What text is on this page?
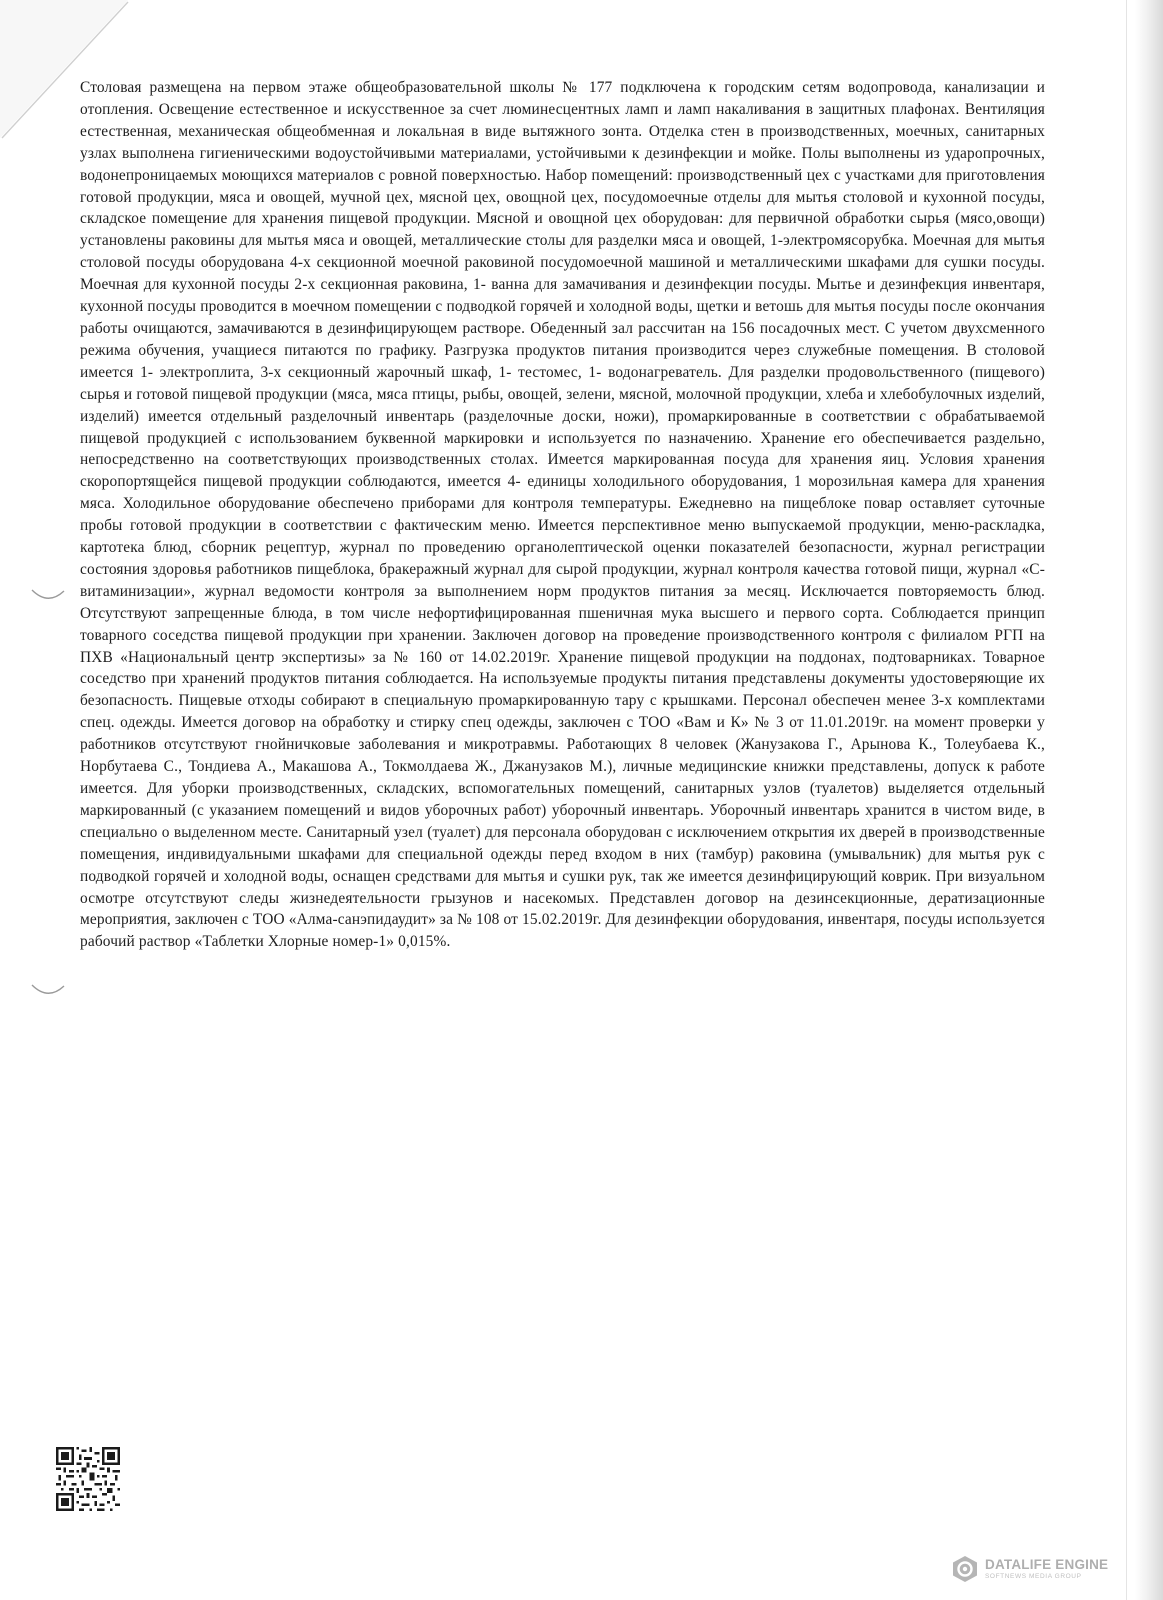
Столовая размещена на первом этаже общеобразовательной школы № 177 подключена к городским сетям водопровода, канализации и отопления. Освещение естественное и искусственное за счет люминесцентных ламп и ламп накаливания в защитных плафонах. Вентиляция естественная, механическая общеобменная и локальная в виде вытяжного зонта. Отделка стен в производственных, моечных, санитарных узлах выполнена гигиеническими водоустойчивыми материалами, устойчивыми к дезинфекции и мойке. Полы выполнены из ударопрочных, водонепроницаемых моющихся материалов с ровной поверхностью. Набор помещений: производственный цех с участками для приготовления готовой продукции, мяса и овощей, мучной цех, мясной цех, овощной цех, посудомоечные отделы для мытья столовой и кухонной посуды, складское помещение для хранения пищевой продукции. Мясной и овощной цех оборудован: для первичной обработки сырья (мясо,овощи) установлены раковины для мытья мяса и овощей, металлические столы для разделки мяса и овощей, 1-электромясорубка. Моечная для мытья столовой посуды оборудована 4-х секционной моечной раковиной посудомоечной машиной и металлическими шкафами для сушки посуды. Моечная для кухонной посуды 2-х секционная раковина, 1- ванна для замачивания и дезинфекции посуды. Мытье и дезинфекция инвентаря, кухонной посуды проводится в моечном помещении с подводкой горячей и холодной воды, щетки и ветошь для мытья посуды после окончания работы очищаются, замачиваются в дезинфицирующем растворе. Обеденный зал рассчитан на 156 посадочных мест. С учетом двухсменного режима обучения, учащиеся питаются по графику. Разгрузка продуктов питания производится через служебные помещения. В столовой имеется 1- электроплита, 3-х секционный жарочный шкаф, 1- тестомес, 1- водонагреватель. Для разделки продовольственного (пищевого) сырья и готовой пищевой продукции (мяса, мяса птицы, рыбы, овощей, зелени, мясной, молочной продукции, хлеба и хлебобулочных изделий, изделий) имеется отдельный разделочный инвентарь (разделочные доски, ножи), промаркированные в соответствии с обрабатываемой пищевой продукцией с использованием буквенной маркировки и используется по назначению. Хранение его обеспечивается раздельно, непосредственно на соответствующих производственных столах. Имеется маркированная посуда для хранения яиц. Условия хранения скоропортящейся пищевой продукции соблюдаются, имеется 4- единицы холодильного оборудования, 1 морозильная камера для хранения мяса. Холодильное оборудование обеспечено приборами для контроля температуры. Ежедневно на пищеблоке повар оставляет суточные пробы готовой продукции в соответствии с фактическим меню. Имеется перспективное меню выпускаемой продукции, меню-раскладка, картотека блюд, сборник рецептур, журнал по проведению органолептической оценки показателей безопасности, журнал регистрации состояния здоровья работников пищеблока, бракеражный журнал для сырой продукции, журнал контроля качества готовой пищи, журнал «С-витаминизации», журнал ведомости контроля за выполнением норм продуктов питания за месяц. Исключается повторяемость блюд. Отсутствуют запрещенные блюда, в том числе нефортифицированная пшеничная мука высшего и первого сорта. Соблюдается принцип товарного соседства пищевой продукции при хранении. Заключен договор на проведение производственного контроля с филиалом РГП на ПХВ «Национальный центр экспертизы» за № 160 от 14.02.2019г. Хранение пищевой продукции на поддонах, подтоварниках. Товарное соседство при хранений продуктов питания соблюдается. На используемые продукты питания представлены документы удостоверяющие их безопасность. Пищевые отходы собирают в специальную промаркированную тару с крышками. Персонал обеспечен менее 3-х комплектами спец. одежды. Имеется договор на обработку и стирку спец одежды, заключен с ТОО «Вам и К» № 3 от 11.01.2019г. на момент проверки у работников отсутствуют гнойничковые заболевания и микротравмы. Работающих 8 человек (Жанузакова Г., Арынова К., Толеубаева К., Норбутаева С., Тондиева А., Макашова А., Токмолдаева Ж., Джанузаков М.), личные медицинские книжки представлены, допуск к работе имеется. Для уборки производственных, складских, вспомогательных помещений, санитарных узлов (туалетов) выделяется отдельный маркированный (с указанием помещений и видов уборочных работ) уборочный инвентарь. Уборочный инвентарь хранится в чистом виде, в специально о выделенном месте. Санитарный узел (туалет) для персонала оборудован с исключением открытия их дверей в производственные помещения, индивидуальными шкафами для специальной одежды перед входом в них (тамбур) раковина (умывальник) для мытья рук с подводкой горячей и холодной воды, оснащен средствами для мытья и сушки рук, так же имеется дезинфицирующий коврик. При визуальном осмотре отсутствуют следы жизнедеятельности грызунов и насекомых. Представлен договор на дезинсекционные, дератизационные мероприятия, заключен с ТОО «Алма-санэпидаудит» за № 108 от 15.02.2019г. Для дезинфекции оборудования, инвентаря, посуды используется рабочий раствор «Таблетки Хлорные номер-1» 0,015%.

DATALIFE ENGINE
SOFTNEWS MEDIA GROUP
